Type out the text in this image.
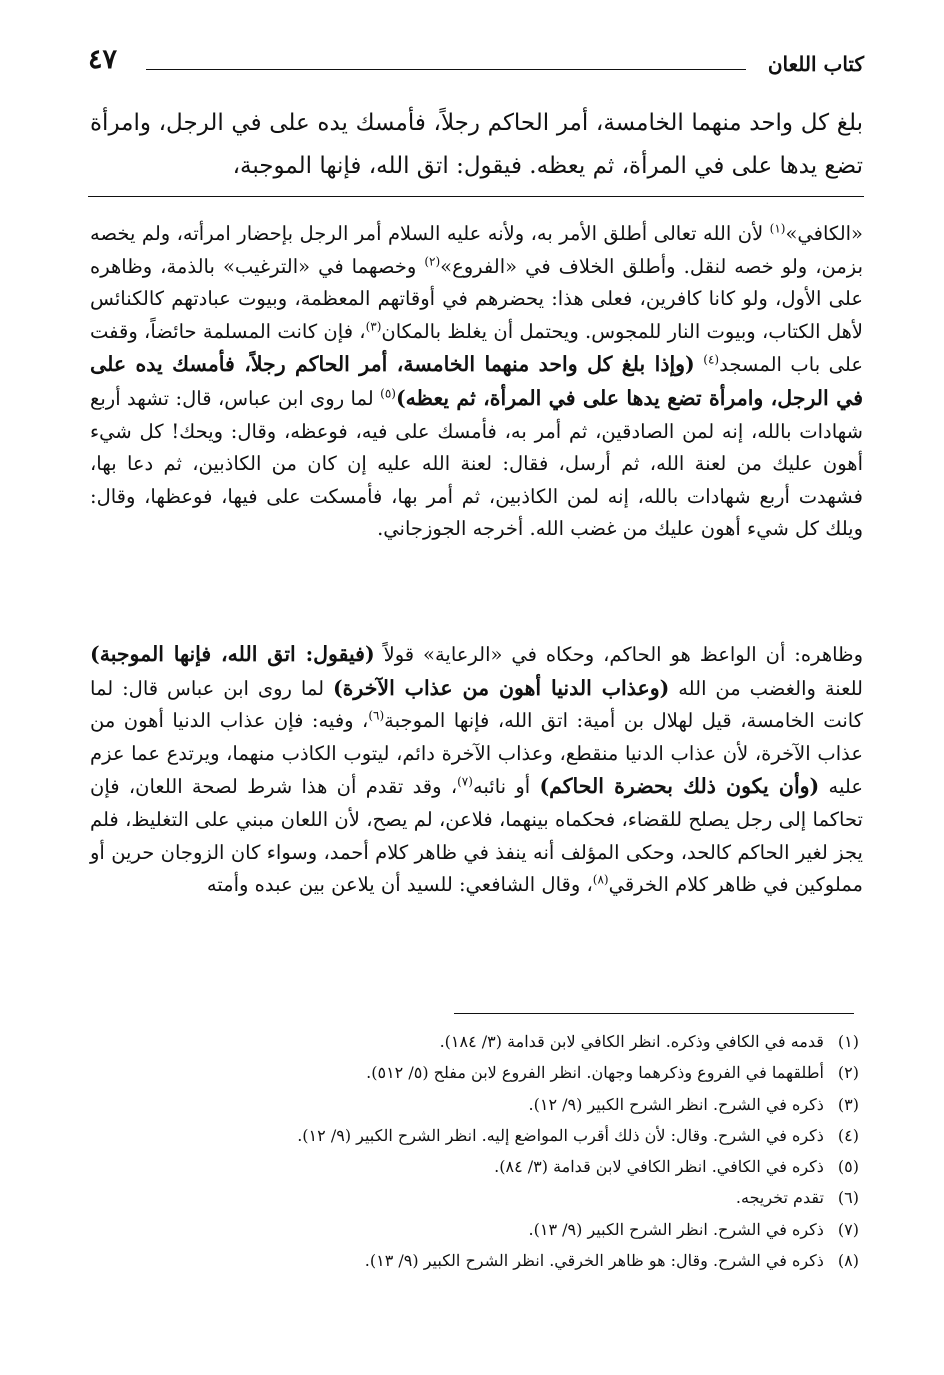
كتاب اللعان
٤٧
بلغ كل واحد منهما الخامسة، أمر الحاكم رجلاً، فأمسك يده على في الرجل، وامرأة تضع يدها على في المرأة، ثم يعظه. فيقول: اتق الله، فإنها الموجبة،

«الكافي»$^{(١)}$ لأن الله تعالى أطلق الأمر به، ولأنه عليه السلام أمر الرجل بإحضار امرأته، ولم يخصه بزمن، ولو خصه لنقل. وأطلق الخلاف في «الفروع»$^{(٢)}$ وخصهما في «الترغيب» بالذمة، وظاهره على الأول، ولو كانا كافرين، فعلى هذا: يحضرهم في أوقاتهم المعظمة، وبيوت عبادتهم كالكنائس لأهل الكتاب، وبيوت النار للمجوس. ويحتمل أن يغلظ بالمكان$^{(٣)}$، فإن كانت المسلمة حائضاً، وقفت على باب المسجد$^{(٤)}$ (وإذا بلغ كل واحد منهما الخامسة، أمر الحاكم رجلاً، فأمسك يده على في الرجل، وامرأة تضع يدها على في المرأة، ثم يعظه)$^{(٥)}$ لما روى ابن عباس، قال: تشهد أربع شهادات بالله، إنه لمن الصادقين، ثم أمر به، فأمسك على فيه، فوعظه، وقال: ويحك! كل شيء أهون عليك من لعنة الله، ثم أرسل، فقال: لعنة الله عليه إن كان من الكاذبين، ثم دعا بها، فشهدت أربع شهادات بالله، إنه لمن الكاذبين، ثم أمر بها، فأمسكت على فيها، فوعظها، وقال: ويلك كل شيء أهون عليك من غضب الله. أخرجه الجوزجاني.

وظاهره: أن الواعظ هو الحاكم، وحكاه في «الرعاية» قولاً (فيقول: اتق الله، فإنها الموجبة) للعنة والغضب من الله (وعذاب الدنيا أهون من عذاب الآخرة) لما روى ابن عباس قال: لما كانت الخامسة، قيل لهلال بن أمية: اتق الله، فإنها الموجبة$^{(٦)}$، وفيه: فإن عذاب الدنيا أهون من عذاب الآخرة، لأن عذاب الدنيا منقطع، وعذاب الآخرة دائم، ليتوب الكاذب منهما، ويرتدع عما عزم عليه (وأن يكون ذلك بحضرة الحاكم) أو نائبه$^{(٧)}$، وقد تقدم أن هذا شرط لصحة اللعان، فإن تحاكما إلى رجل يصلح للقضاء، فحكماه بينهما، فلاعن، لم يصح، لأن اللعان مبني على التغليظ، فلم يجز لغير الحاكم كالحد، وحكى المؤلف أنه ينفذ في ظاهر كلام أحمد، وسواء كان الزوجان حرين أو مملوكين في ظاهر كلام الخرقي$^{(٨)}$، وقال الشافعي: للسيد أن يلاعن بين عبده وأمته

(١) قدمه في الكافي وذكره. انظر الكافي لابن قدامة (٣/ ١٨٤).
(٢) أطلقهما في الفروع وذكرهما وجهان. انظر الفروع لابن مفلح (٥/ ٥١٢).
(٣) ذكره في الشرح. انظر الشرح الكبير (٩/ ١٢).
(٤) ذكره في الشرح. وقال: لأن ذلك أقرب المواضع إليه. انظر الشرح الكبير (٩/ ١٢).
(٥) ذكره في الكافي. انظر الكافي لابن قدامة (٣/ ٨٤).
(٦) تقدم تخريجه.
(٧) ذكره في الشرح. انظر الشرح الكبير (٩/ ١٣).
(٨) ذكره في الشرح. وقال: هو ظاهر الخرقي. انظر الشرح الكبير (٩/ ١٣).
